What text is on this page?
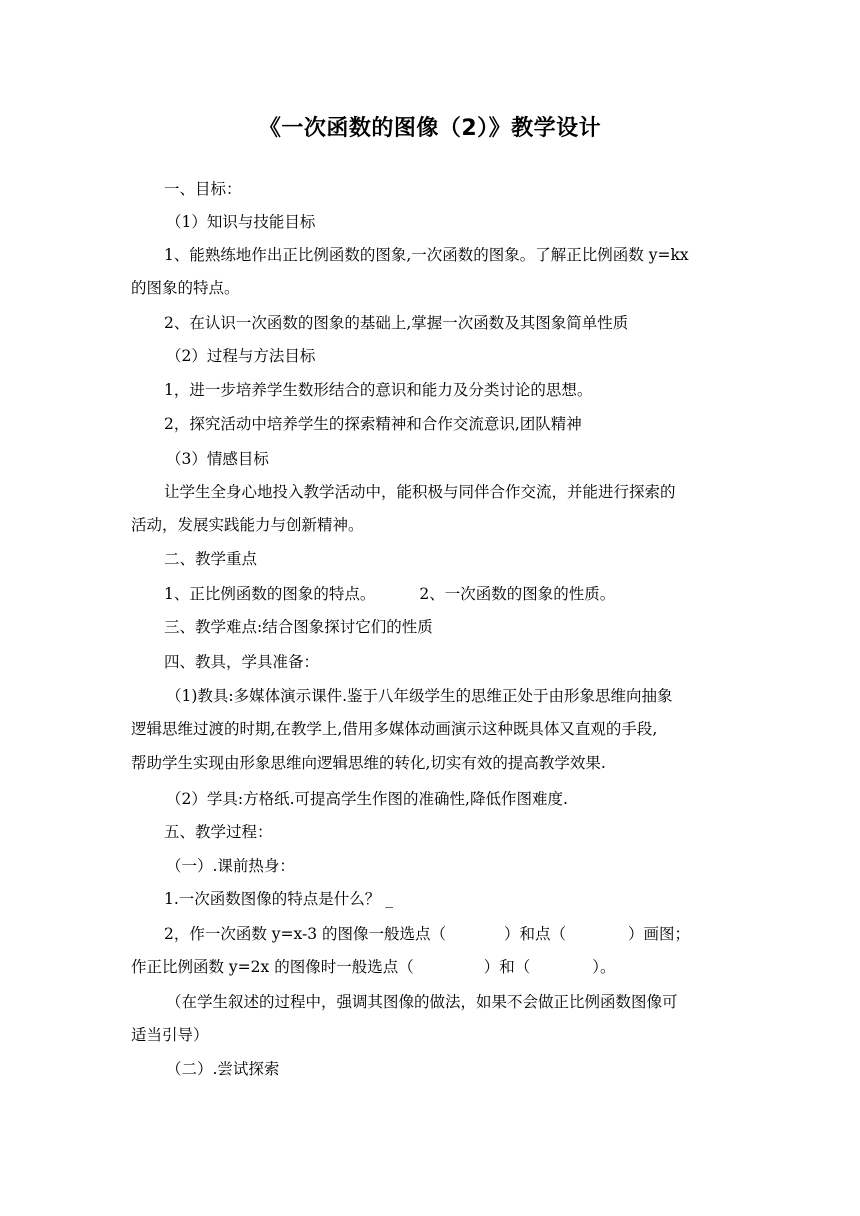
《一次函数的图像（2）》教学设计
一、目标：
（1）知识与技能目标
1、能熟练地作出正比例函数的图象,一次函数的图象。了解正比例函数 y=kx
的图象的特点。
2、在认识一次函数的图象的基础上,掌握一次函数及其图象简单性质
（2）过程与方法目标
1，进一步培养学生数形结合的意识和能力及分类讨论的思想。
2，探究活动中培养学生的探索精神和合作交流意识,团队精神
（3）情感目标
让学生全身心地投入教学活动中，能积极与同伴合作交流，并能进行探索的
活动，发展实践能力与创新精神。
二、教学重点
1、正比例函数的图象的特点。	2、一次函数的图象的性质。
三、教学难点:结合图象探讨它们的性质
四、教具，学具准备：
（1)教具:多媒体演示课件.鉴于八年级学生的思维正处于由形象思维向抽象
逻辑思维过渡的时期,在教学上,借用多媒体动画演示这种既具体又直观的手段,
帮助学生实现由形象思维向逻辑思维的转化,切实有效的提高教学效果.
（2）学具:方格纸.可提高学生作图的准确性,降低作图难度.
五、教学过程：
（一）.课前热身：
1.一次函数图像的特点是什么？ _
2，作一次函数 y=x-3 的图像一般选点（	）和点（	）画图；
作正比例函数 y=2x 的图像时一般选点（	）和（	）。
（在学生叙述的过程中，强调其图像的做法，如果不会做正比例函数图像可
适当引导）
（二）.尝试探索
